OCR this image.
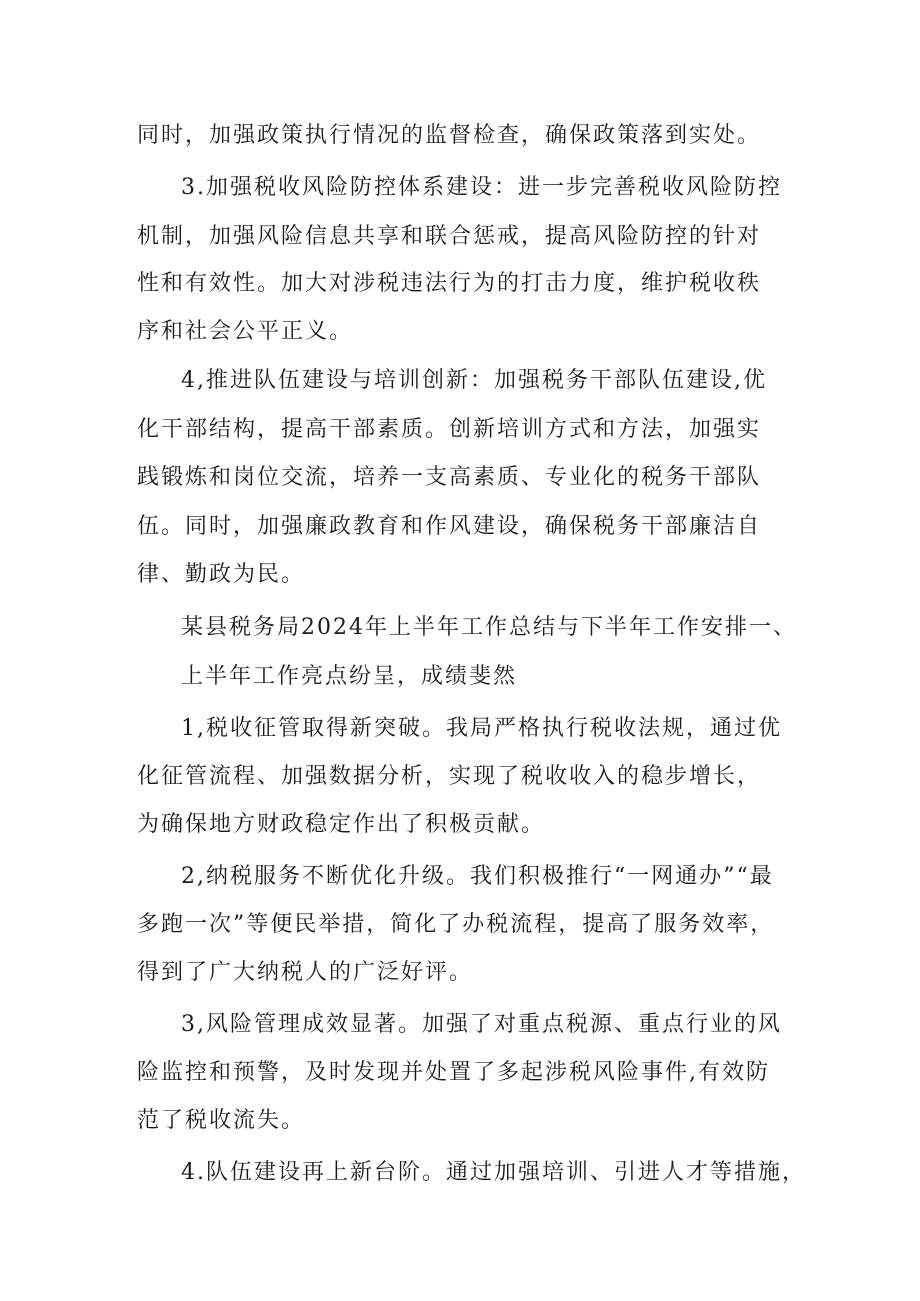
同时，加强政策执行情况的监督检查，确保政策落到实处。
3.加强税收风险防控体系建设：进一步完善税收风险防控
机制，加强风险信息共享和联合惩戒，提高风险防控的针对
性和有效性。加大对涉税违法行为的打击力度，维护税收秩
序和社会公平正义。
4,推进队伍建设与培训创新：加强税务干部队伍建设,优
化干部结构，提高干部素质。创新培训方式和方法，加强实
践锻炼和岗位交流，培养一支高素质、专业化的税务干部队
伍。同时，加强廉政教育和作风建设，确保税务干部廉洁自
律、勤政为民。
某县税务局2024年上半年工作总结与下半年工作安排一、
上半年工作亮点纷呈，成绩斐然
1,税收征管取得新突破。我局严格执行税收法规，通过优
化征管流程、加强数据分析，实现了税收收入的稳步增长，
为确保地方财政稳定作出了积极贡献。
2,纳税服务不断优化升级。我们积极推行“一网通办”“最
多跑一次”等便民举措，简化了办税流程，提高了服务效率，
得到了广大纳税人的广泛好评。
3,风险管理成效显著。加强了对重点税源、重点行业的风
险监控和预警，及时发现并处置了多起涉税风险事件,有效防
范了税收流失。
4.队伍建设再上新台阶。通过加强培训、引进人才等措施，
